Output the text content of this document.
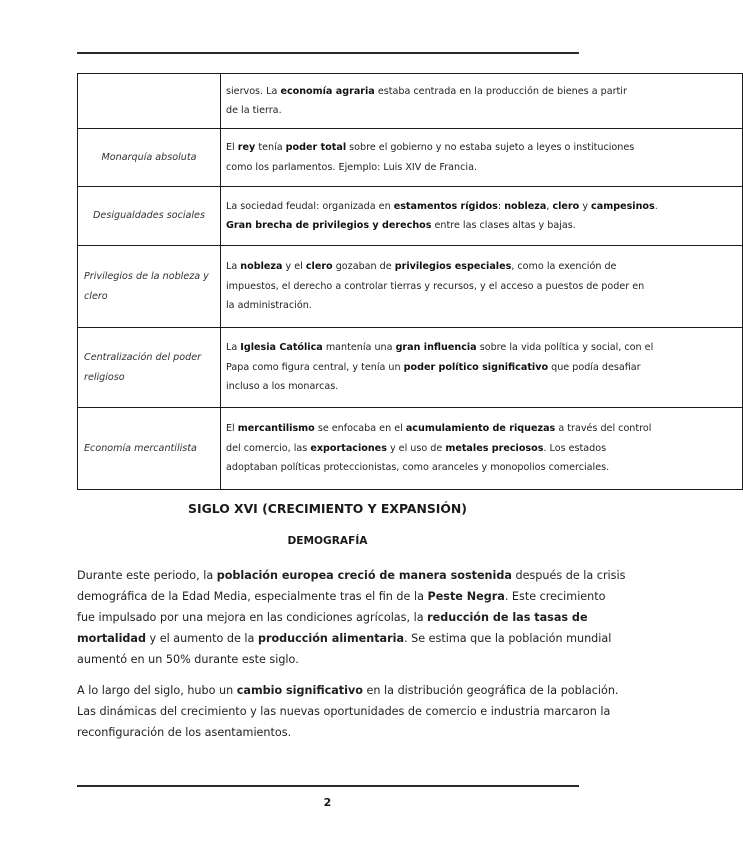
	siervos. La economía agraria estaba centrada en la producción de bienes a partir
de la tierra.

Monarquía absoluta	El rey tenía poder total sobre el gobierno y no estaba sujeto a leyes o instituciones
como los parlamentos. Ejemplo: Luis XIV de Francia.

Desigualdades sociales	La sociedad feudal: organizada en estamentos rígidos: nobleza, clero y campesinos.
Gran brecha de privilegios y derechos entre las clases altas y bajas.

Privilegios de la nobleza y clero	La nobleza y el clero gozaban de privilegios especiales, como la exención de
impuestos, el derecho a controlar tierras y recursos, y el acceso a puestos de poder en
la administración.

Centralización del poder religioso	La Iglesia Católica mantenía una gran influencia sobre la vida política y social, con el
Papa como figura central, y tenía un poder político significativo que podía desafiar
incluso a los monarcas.

Economía mercantilista	El mercantilismo se enfocaba en el acumulamiento de riquezas a través del control
del comercio, las exportaciones y el uso de metales preciosos. Los estados
adoptaban políticas proteccionistas, como aranceles y monopolios comerciales.
SIGLO XVI (CRECIMIENTO Y EXPANSIÓN)
DEMOGRAFÍA
Durante este periodo, la población europea creció de manera sostenida después de la crisis
demográfica de la Edad Media, especialmente tras el fin de la Peste Negra. Este crecimiento
fue impulsado por una mejora en las condiciones agrícolas, la reducción de las tasas de
mortalidad y el aumento de la producción alimentaria. Se estima que la población mundial
aumentó en un 50% durante este siglo.
A lo largo del siglo, hubo un cambio significativo en la distribución geográfica de la población.
Las dinámicas del crecimiento y las nuevas oportunidades de comercio e industria marcaron la
reconfiguración de los asentamientos.
2
